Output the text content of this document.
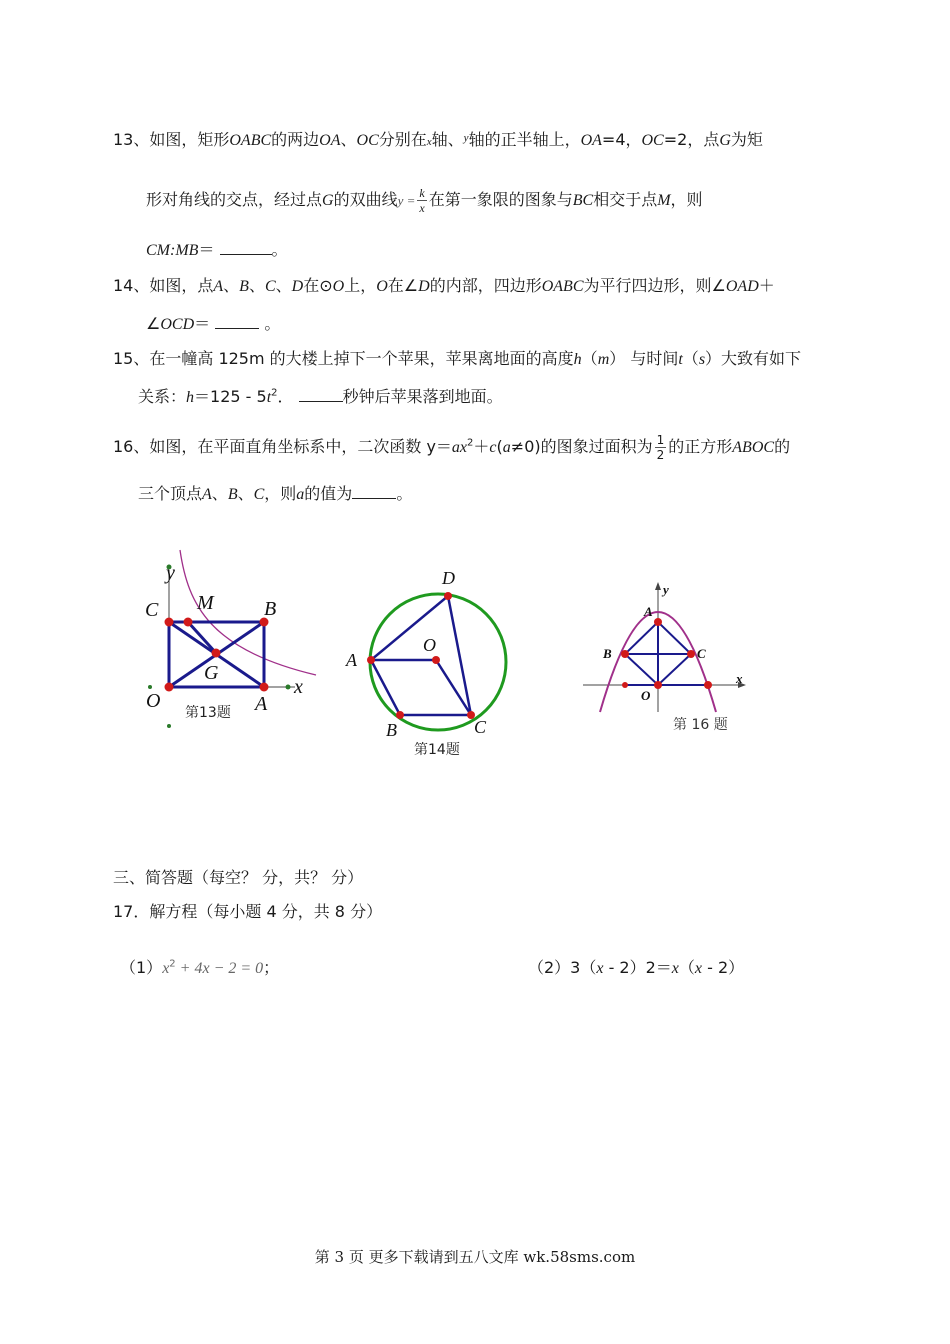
13、如图，矩形OABC的两边OA、OC分别在x轴、$^y$轴的正半轴上，OA=4，OC=2，点G为矩
形对角线的交点，经过点G的双曲线$y = \frac{k}{x}$ 在第一象限的图象与BC相交于点M，则
CM:MB＝	。
14、如图，点A、B、C、D在⊙O上，O在∠D的内部，四边形OABC为平行四边形，则∠OAD＋
∠OCD＝	。
15、在一幢高 125m 的大楼上掉下一个苹果，苹果离地面的高度h（m） 与时间t（s）大致有如下
关系：$h=125 - 5t^2$．	秒钟后苹果落到地面。
16、如图，在平面直角坐标系中，二次函数 $y=ax^2+c(a\ne 0)$的图象过面积为 $\frac{1}{2}$ 的正方形ABOC的
三个顶点A、B、C，则a的值为	。
y
C M	B
G
O	A
x
第13题
D
A
O
B	C
第14题
y
A
B	C
O
x
第 16 题
三、简答题（每空？ 分，共？ 分）
17．解方程（每小题 4 分，共 8 分）
$(1)x^2 + 4x - 2 = 0$；	（2）3（x - 2）2＝x（x - 2）
第 3 页 更多下载请到五八文库 wk.58sms.com
